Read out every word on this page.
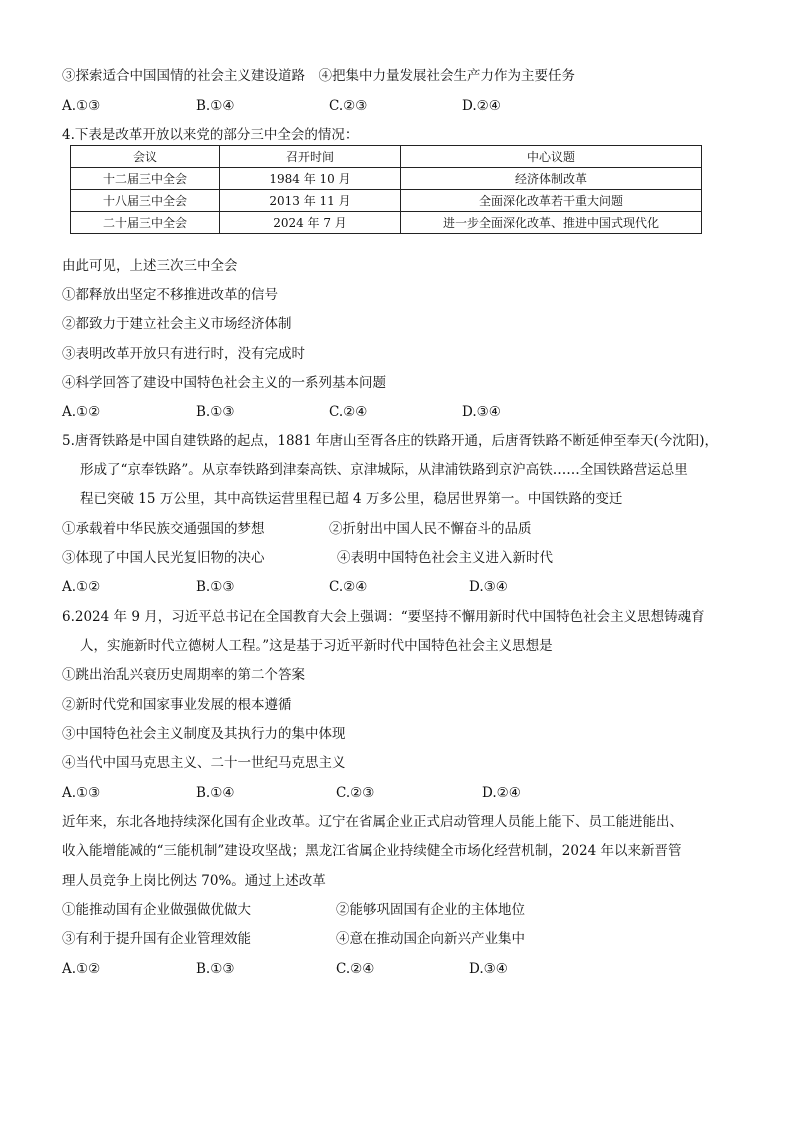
③探索适合中国国情的社会主义建设道路　④把集中力量发展社会生产力作为主要任务
A.①③	B.①④	C.②③	D.②④
4.下表是改革开放以来党的部分三中全会的情况：
会议	召开时间	中心议题
十二届三中全会	1984 年 10 月	经济体制改革
十八届三中全会	2013 年 11 月	全面深化改革若干重大问题
二十届三中全会	2024 年 7 月	进一步全面深化改革、推进中国式现代化
由此可见，上述三次三中全会
①都释放出坚定不移推进改革的信号
②都致力于建立社会主义市场经济体制
③表明改革开放只有进行时，没有完成时
④科学回答了建设中国特色社会主义的一系列基本问题
A.①②	B.①③	C.②④	D.③④
5.唐胥铁路是中国自建铁路的起点，1881 年唐山至胥各庄的铁路开通，后唐胥铁路不断延伸至奉天(今沈阳)，
形成了“京奉铁路”。从京奉铁路到津秦高铁、京津城际，从津浦铁路到京沪高铁……全国铁路营运总里
程已突破 15 万公里，其中高铁运营里程已超 4 万多公里，稳居世界第一。中国铁路的变迁
①承载着中华民族交通强国的梦想	②折射出中国人民不懈奋斗的品质
③体现了中国人民光复旧物的决心	④表明中国特色社会主义进入新时代
A.①②	B.①③	C.②④	D.③④
6.2024 年 9 月，习近平总书记在全国教育大会上强调：“要坚持不懈用新时代中国特色社会主义思想铸魂育
人，实施新时代立德树人工程。”这是基于习近平新时代中国特色社会主义思想是
①跳出治乱兴衰历史周期率的第二个答案
②新时代党和国家事业发展的根本遵循
③中国特色社会主义制度及其执行力的集中体现
④当代中国马克思主义、二十一世纪马克思主义
A.①③	B.①④	C.②③	D.②④
近年来，东北各地持续深化国有企业改革。辽宁在省属企业正式启动管理人员能上能下、员工能进能出、
收入能增能减的“三能机制”建设攻坚战；黑龙江省属企业持续健全市场化经营机制，2024 年以来新晋管
理人员竞争上岗比例达 70%。通过上述改革
①能推动国有企业做强做优做大	②能够巩固国有企业的主体地位
③有利于提升国有企业管理效能	④意在推动国企向新兴产业集中
A.①②	B.①③	C.②④	D.③④
